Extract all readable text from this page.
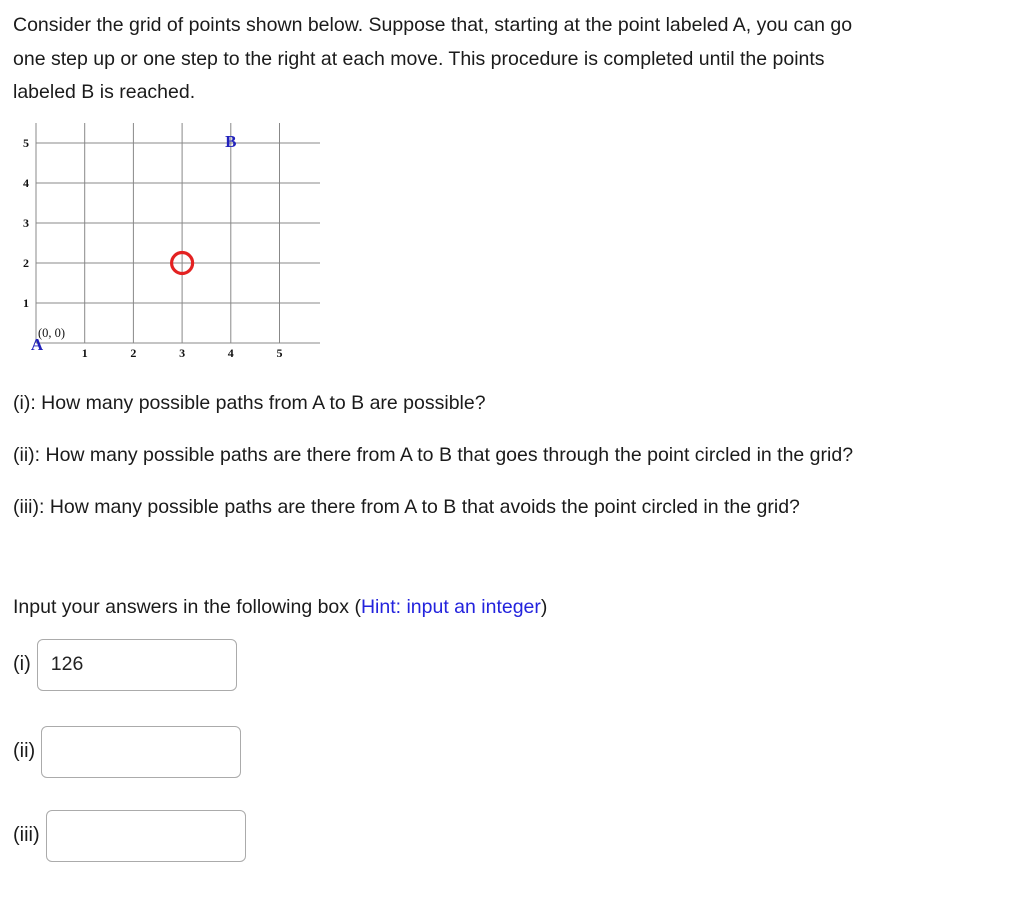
Consider the grid of points shown below. Suppose that, starting at the point labeled A, you can go
one step up or one step to the right at each move. This procedure is completed until the points
labeled B is reached.
1	2	3	4	5
1
2
3
4
5
(0, 0)
A
B

(i): How many possible paths from A to B are possible?

(ii): How many possible paths are there from A to B that goes through the point circled in the grid?

(iii): How many possible paths are there from A to B that avoids the point circled in the grid?

Input your answers in the following box (Hint: input an integer)

(i)
126
(ii)
(iii)
